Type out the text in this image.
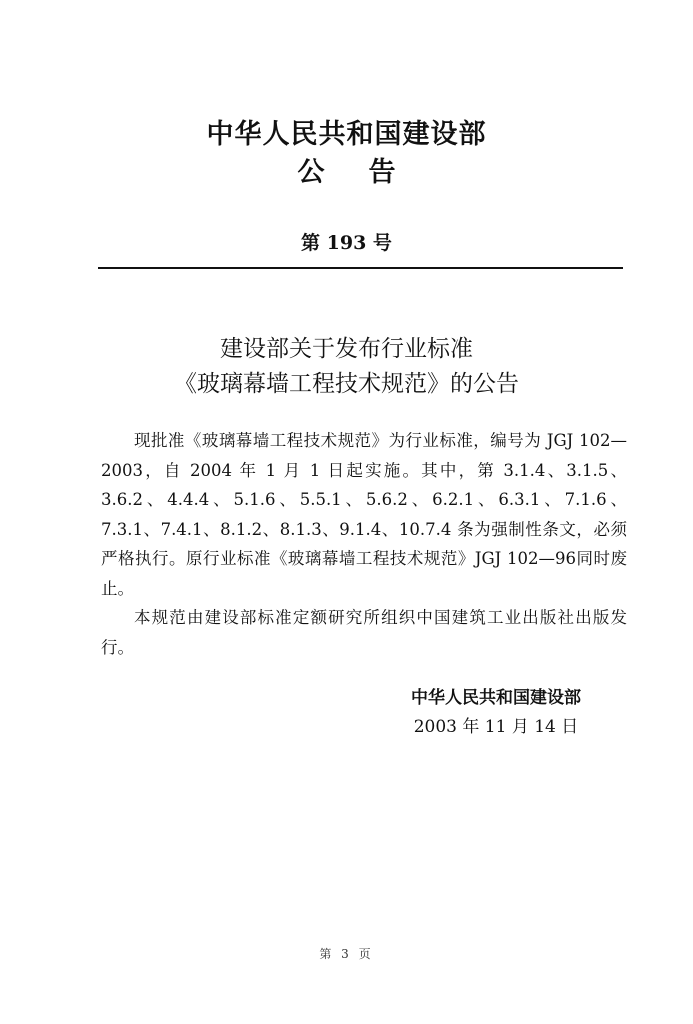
中华人民共和国建设部
公告
第 193 号
建设部关于发布行业标准
《玻璃幕墙工程技术规范》的公告

现批准《玻璃幕墙工程技术规范》为行业标准，编号为 JGJ 102—2003，自 2004 年 1 月 1 日起实施。其中，第 3.1.4、3.1.5、3.6.2、4.4.4、5.1.6、5.5.1、5.6.2、6.2.1、6.3.1、7.1.6、7.3.1、7.4.1、8.1.2、8.1.3、9.1.4、10.7.4 条为强制性条文，必须严格执行。原行业标准《玻璃幕墙工程技术规范》JGJ 102—96同时废止。

本规范由建设部标准定额研究所组织中国建筑工业出版社出版发行。

中华人民共和国建设部
2003 年 11 月 14 日
第 3 页
